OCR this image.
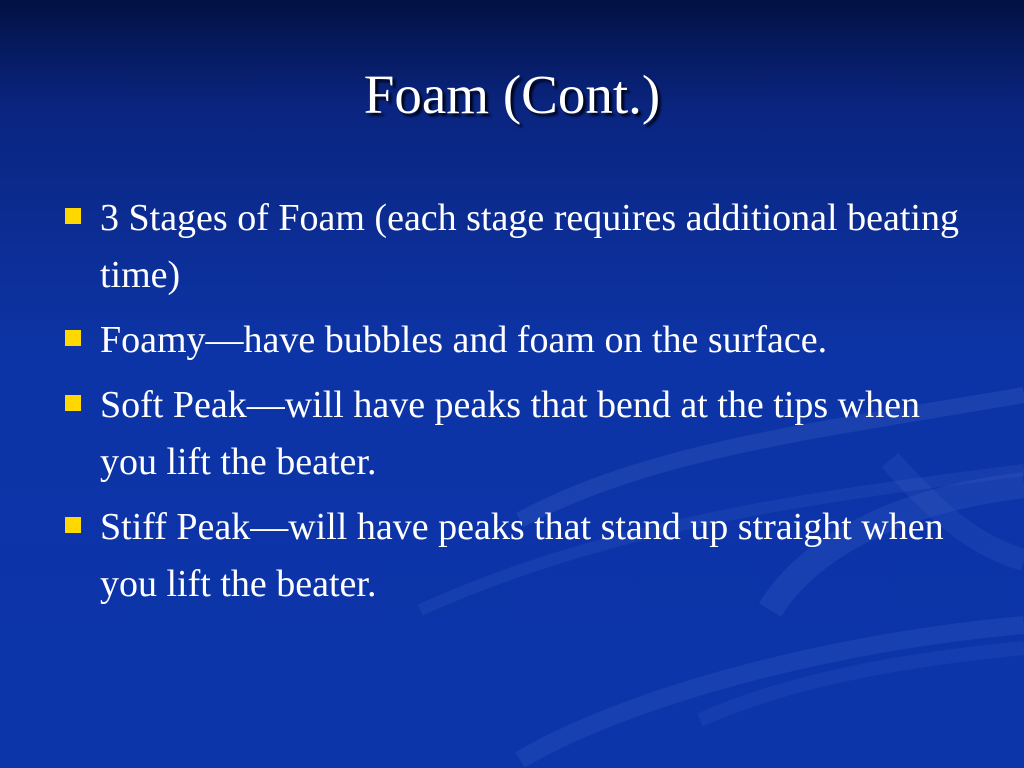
Foam (Cont.)
3 Stages of Foam (each stage requires additional beating time)
Foamy—have bubbles and foam on the surface.
Soft Peak—will have peaks that bend at the tips when you lift the beater.
Stiff Peak—will have peaks that stand up straight when you lift the beater.
